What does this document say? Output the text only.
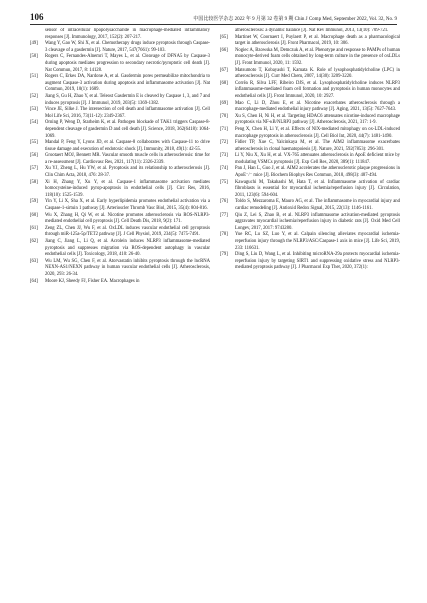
106	中国比较医学杂志 2022 年 9 月第 32 卷第 9 期 Chin J Comp Med, September 2022, Vol. 32, No. 9
sensor of intracellular lipopolysaccharide in macrophage-mediated inflammatory responses [J]. Immunology, 2017, 152(2): 207-217.
[49]	Wang Y, Gao W, Shi X, et al. Chemotherapy drugs induce pyroptosis through Caspase-3 cleavage of a gasdermin [J]. Nature, 2017, 547(7661): 99-103.
[50]	Rogers C, Fernandes-Alnemri T, Mayes L, et al. Cleavage of DFNA5 by Caspase-3 during apoptosis mediates progression to secondary necrotic/pyroptotic cell death [J]. Nat Commun, 2017, 8: 14128.
[51]	Rogers C, Erkes DA, Nardone A, et al. Gasdermin pores permeabilize mitochondria to augment Caspase-3 activation during apoptosis and inflammasome activation [J]. Nat Commun, 2019, 10(1): 1689.
[52]	Jiang S, Gu H, Zhao Y, et al. Teleost Gasdermin E is cleaved by Caspase 1, 3, and 7 and induces pyroptosis [J]. J Immunol, 2019, 203(5): 1369-1382.
[53]	Vince JE, Silke J. The intersection of cell death and inflammasome activation [J]. Cell Mol Life Sci, 2016, 73(11-12): 2349-2367.
[54]	Orning P, Weng D, Starheim K, et al. Pathogen blockade of TAK1 triggers Caspase-8-dependent cleavage of gasdermin D and cell death [J]. Science, 2018, 362(6418): 1064-1069.
[55]	Mandal P, Feng Y, Lyons JD, et al. Caspase-8 collaborates with Caspase-11 to drive tissue damage and execution of endotoxic shock [J]. Immunity, 2018, 49(1): 42-55.
[56]	Grootaert MOJ, Bennett MR. Vascular smooth muscle cells in atherosclerosis: time for a re-assessment [J]. Cardiovasc Res, 2021, 117(11): 2326-2339.
[57]	Xu YJ, Zheng L, Hu YW, et al. Pyroptosis and its relationship to atherosclerosis [J]. Clin Chim Acta, 2018, 476: 28-37.
[58]	Xi H, Zhang Y, Xu Y, et al. Caspase-1 inflammasome activation mediates homocysteine-induced pyrop-apoptosis in endothelial cells [J]. Circ Res, 2016, 118(10): 1525-1539.
[59]	Yin Y, Li X, Sha X, et al. Early hyperlipidemia promotes endothelial activation via a Caspase-1-sirtuin 1 pathway [J]. Arterioscler Thromb Vasc Biol, 2015, 35(4): 804-816.
[60]	Wu X, Zhang H, Qi W, et al. Nicotine promotes atherosclerosis via ROS-NLRP3-mediated endothelial cell pyroptosis [J]. Cell Death Dis, 2018, 9(2): 171.
[61]	Zeng ZL, Chen JJ, Wu F, et al. OxLDL induces vascular endothelial cell pyroptosis through miR-125a-5p/TET2 pathway [J]. J Cell Physiol, 2019, 234(5): 7475-7491.
[62]	Jiang C, Jiang L, Li Q, et al. Acrolein induces NLRP3 inflammasome-mediated pyroptosis and suppresses migration via ROS-dependent autophagy in vascular endothelial cells [J]. Toxicology, 2018, 410: 26-40.
[63]	Wu LM, Wu SG, Chen F, et al. Atorvastatin inhibits pyroptosis through the lncRNA NEXN-AS1/NEXN pathway in human vascular endothelial cells [J]. Atherosclerosis, 2020, 293: 26-34.
[64]	Moore KJ, Sheedy FJ, Fisher EA. Macrophages in
atherosclerosis: a dynamic balance [J]. Nat Rev Immunol, 2013, 13(10): 709-721.
[65]	Martinet W, Coornaert I, Puylaert P, et al. Macrophage death as a pharmacological target in atherosclerosis [J]. Front Pharmacol, 2019, 10: 306.
[66]	Nogiec A, Bzowska M, Demczuk A, et al. Phenotype and response to PAMPs of human monocyte-derived foam cells obtained by long-term culture in the presence of oxLDLs [J]. Front Immunol, 2020, 11: 1592.
[67]	Matsumoto T, Kobayashi T, Kamata K. Role of lysophosphatidylcholine (LPC) in atherosclerosis [J]. Curr Med Chem, 2007, 14(30): 3209-3220.
[68]	Corrêa R, Silva LFF, Ribeiro DJS, et al. Lysophosphatidylcholine induces NLRP3 inflammasome-mediated foam cell formation and pyroptosis in human monocytes and endothelial cells [J]. Front Immunol, 2020, 10: 2927.
[69]	Mao C, Li D, Zhou E, et al. Nicotine exacerbates atherosclerosis through a macrophage-mediated endothelial injury pathway [J]. Aging, 2021, 13(5): 7627-7643.
[70]	Xu S, Chen H, Ni H, et al. Targeting HDAC6 attenuates nicotine-induced macrophage pyroptosis via NF-κB/NLRP3 pathway [J]. Atherosclerosis, 2021, 317: 1-9.
[71]	Peng X, Chen H, Li Y, et al. Effects of NIX-mediated mitophagy on ox-LDL-induced macrophage pyroptosis in atherosclerosis [J]. Cell Biol Int, 2020, 44(7): 1481-1490.
[72]	Fidler TP, Xue C, Yalcinkaya M, et al. The AIM2 inflammasome exacerbates atherosclerosis in clonal haematopoiesis [J]. Nature, 2021, 592(7853): 296-301.
[73]	Li Y, Niu X, Xu H, et al. VX-765 attenuates atherosclerosis in ApoE deficient mice by modulating VSMCs pyroptosis [J]. Exp Cell Res, 2020, 389(1): 111847.
[74]	Pan J, Han L, Guo J, et al. AIM2 accelerates the atherosclerotic plaque progressions in ApoE⁻/⁻ mice [J]. Biochem Biophys Res Commun, 2018, 498(3): 487-494.
[75]	Kawaguchi M, Takahashi M, Hata T, et al. Inflammasome activation of cardiac fibroblasts is essential for myocardial ischemia/reperfusion injury [J]. Circulation, 2011, 123(6): 594-604.
[76]	Toldo S, Mezzaroma E, Mauro AG, et al. The inflammasome in myocardial injury and cardiac remodeling [J]. Antioxid Redox Signal, 2015, 22(13): 1146-1161.
[77]	Qiu Z, Lei S, Zhao B, et al. NLRP3 inflammasome activation-mediated pyroptosis aggravates myocardial ischemia/reperfusion injury in diabetic rats [J]. Oxid Med Cell Longev, 2017, 2017: 9743280.
[78]	Yue RC, Lu SZ, Luo Y, et al. Calpain silencing alleviates myocardial ischemia-reperfusion injury through the NLRP3/ASC/Caspase-1 axis in mice [J]. Life Sci, 2019, 233: 116631.
[79]	Ding S, Liu D, Wang L, et al. Inhibiting microRNA-29a protects myocardial ischemia-reperfusion injury by targeting SIRT1 and suppressing oxidative stress and NLRP3-mediated pyroptosis pathway [J]. J Pharmacol Exp Ther, 2020, 372(1):
